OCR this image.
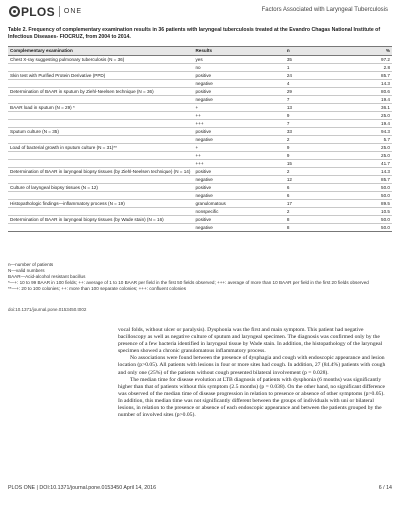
PLOS ONE	Factors Associated with Laryngeal Tuberculosis
Table 2. Frequency of complementary examination results in 36 patients with laryngeal tuberculosis treated at the Evandro Chagas National Institute of Infectious Diseases- FIOCRUZ, from 2004 to 2014.
Complementary examination	Results	n	%
Chest X-ray suggesting pulmonary tuberculosis (N = 36)	yes	35	97.2
	no	1	2.8
Skin test with Purified Protein Derivative (PPD)	positive	24	85.7
	negative	4	14.3
Determination of BAAR in sputum by Ziehl-Neelsen technique (N = 36)	positive	29	80.6
	negative	7	19.4
BAAR load in sputum (N = 29) *	+	13	36.1
	++	9	25.0
	+++	7	19.4
Sputum culture (N = 35)	positive	33	94.3
	negative	2	5.7
Load of bacterial growth in sputum culture (N = 31)**	+	9	25.0
	++	9	25.0
	+++	15	41.7
Determination of BAAR in laryngeal biopsy tissues (by Ziehl-Neelsen technique) (N = 14)	positive	2	14.3
	negative	12	85.7
Culture of laryngeal biopsy tissues (N = 12)	positive	6	50.0
	negative	6	50.0
Histopathologic findings—inflammatory process (N = 19)	granulomatous	17	89.5
	nonspecific	2	10.5
Determination of BAAR in laryngeal biopsy tissues (by Wade stain) (N = 16)	positive	8	50.0
	negative	8	50.0
n—number of patients
N—valid numbers
BAAR—Acid-alcohol resistant bacillus
*—+: 10 to 99 BAAR in 100 fields; ++: average of 1 to 10 BAAR per field in the first 50 fields observed; +++: average of more than 10 BAAR per field in the first 20 fields observed
**—+: 20 to 100 colonies; ++: more than 100 separate colonies; +++: confluent colonies
doi:10.1371/journal.pone.0153450.t002

vocal folds, without ulcer or paralysis). Dysphonia was the first and main symptom. This patient had negative bacilloscopy as well as negative culture of sputum and laryngeal specimen. The diagnosis was confirmed only by the presence of a few bacteria identified in laryngeal tissue by Wade stain. In addition, the histopathology of the laryngeal specimen showed a chronic granulomatous inflammatory process.

No associations were found between the presence of dysphagia and cough with endoscopic appearance and lesion location (p>0.05). All patients with lesions in four or more sites had cough. In addition, 27 (84.4%) patients with cough and only one (25%) of the patients without cough presented bilateral involvement (p = 0.028).

The median time for disease evolution at LTB diagnosis of patients with dysphonia (6 months) was significantly higher than that of patients without this symptom (2.5 months) (p = 0.038). On the other hand, no significant difference was observed of the median time of disease progression in relation to presence or absence of other symptoms (p>0.05). In addition, this median time was not significantly different between the groups of individuals with uni or bilateral lesions, in relation to the presence or absence of each endoscopic appearance and between the patients grouped by the number of involved sites (p>0.05).

PLOS ONE | DOI:10.1371/journal.pone.0153450 April 14, 2016	6 / 14
